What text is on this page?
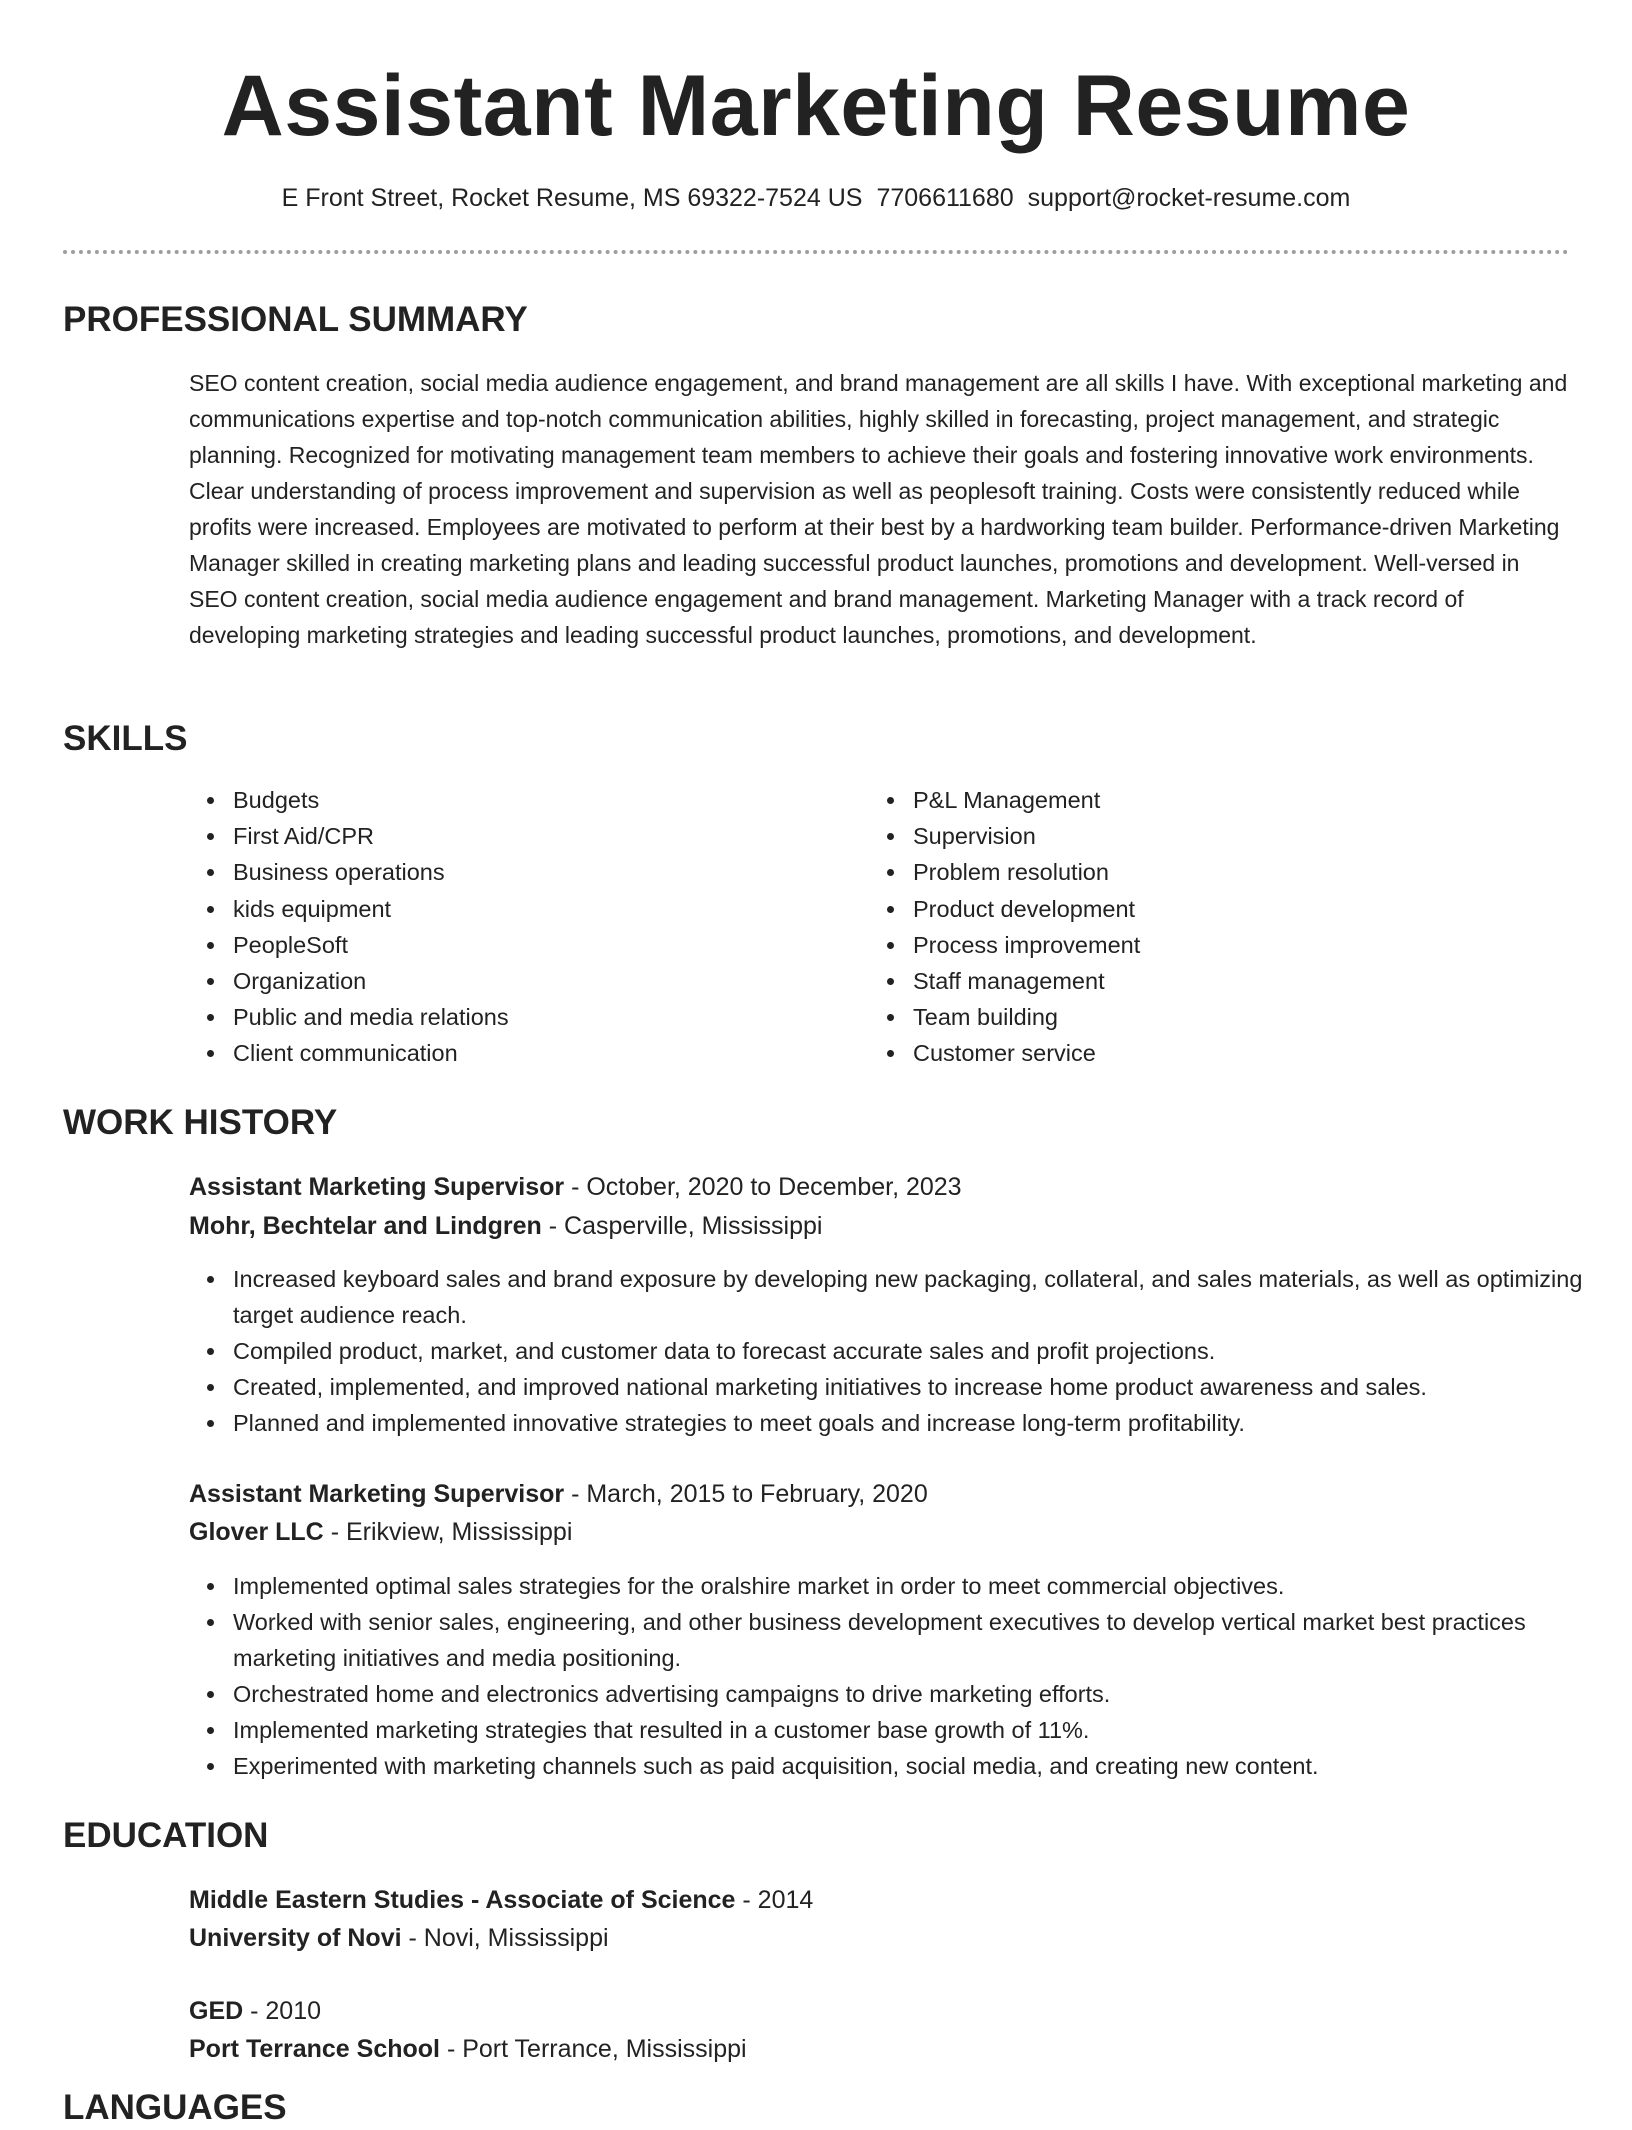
Assistant Marketing Resume
E Front Street, Rocket Resume, MS 69322-7524 US 7706611680 support@rocket-resume.com
PROFESSIONAL SUMMARY

SEO content creation, social media audience engagement, and brand management are all skills I have. With exceptional marketing and communications expertise and top-notch communication abilities, highly skilled in forecasting, project management, and strategic planning. Recognized for motivating management team members to achieve their goals and fostering innovative work environments. Clear understanding of process improvement and supervision as well as peoplesoft training. Costs were consistently reduced while profits were increased. Employees are motivated to perform at their best by a hardworking team builder. Performance-driven Marketing Manager skilled in creating marketing plans and leading successful product launches, promotions and development. Well-versed in SEO content creation, social media audience engagement and brand management. Marketing Manager with a track record of developing marketing strategies and leading successful product launches, promotions, and development.

SKILLS
Budgets
First Aid/CPR
Business operations
kids equipment
PeopleSoft
Organization
Public and media relations
Client communication
P&L Management
Supervision
Problem resolution
Product development
Process improvement
Staff management
Team building
Customer service
WORK HISTORY

Assistant Marketing Supervisor - October, 2020 to December, 2023

Mohr, Bechtelar and Lindgren - Casperville, Mississippi

Increased keyboard sales and brand exposure by developing new packaging, collateral, and sales materials, as well as optimizing target audience reach.
Compiled product, market, and customer data to forecast accurate sales and profit projections.
Created, implemented, and improved national marketing initiatives to increase home product awareness and sales.
Planned and implemented innovative strategies to meet goals and increase long-term profitability.

Assistant Marketing Supervisor - March, 2015 to February, 2020

Glover LLC - Erikview, Mississippi

Implemented optimal sales strategies for the oralshire market in order to meet commercial objectives.
Worked with senior sales, engineering, and other business development executives to develop vertical market best practices marketing initiatives and media positioning.
Orchestrated home and electronics advertising campaigns to drive marketing efforts.
Implemented marketing strategies that resulted in a customer base growth of 11%.
Experimented with marketing channels such as paid acquisition, social media, and creating new content.
EDUCATION

Middle Eastern Studies - Associate of Science - 2014

University of Novi - Novi, Mississippi

GED - 2010

Port Terrance School - Port Terrance, Mississippi

LANGUAGES
